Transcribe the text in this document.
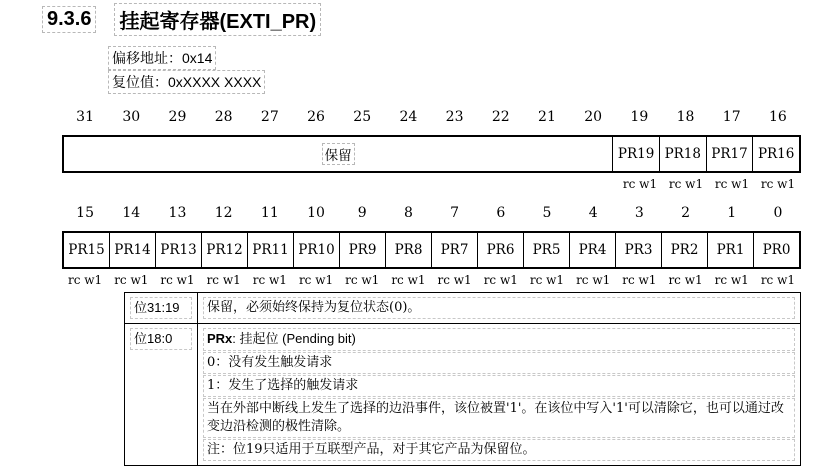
9.3.6 挂起寄存器(EXTI_PR)
偏移地址：0x14
复位值：0xXXXX XXXX
31 30 29 28 27 26 25 24 23 22 21 20 19 18 17 16
保留	PR19 PR18 PR17 PR16
rc w1 rc w1 rc w1 rc w1
15 14 13 12 11 10 9	8	7	6	5	4	3	2	1	0
PR15 PR14 PR13 PR12 PR11 PR10 PR9 PR8 PR7 PR6 PR5 PR4 PR3 PR2 PR1 PR0
rc w1 rc w1 rc w1 rc w1 rc w1 rc w1 rc w1 rc w1 rc w1 rc w1 rc w1 rc w1 rc w1 rc w1 rc w1 rc w1
位31:19	保留，必须始终保持为复位状态(0)。

位18:0	PRx: 挂起位 (Pending bit)
0：没有发生触发请求
1：发生了选择的触发请求
当在外部中断线上发生了选择的边沿事件，该位被置'1'。在该位中写入'1'可以清除它，也可以通过改变边沿检测的极性清除。
注：位19只适用于互联型产品，对于其它产品为保留位。
